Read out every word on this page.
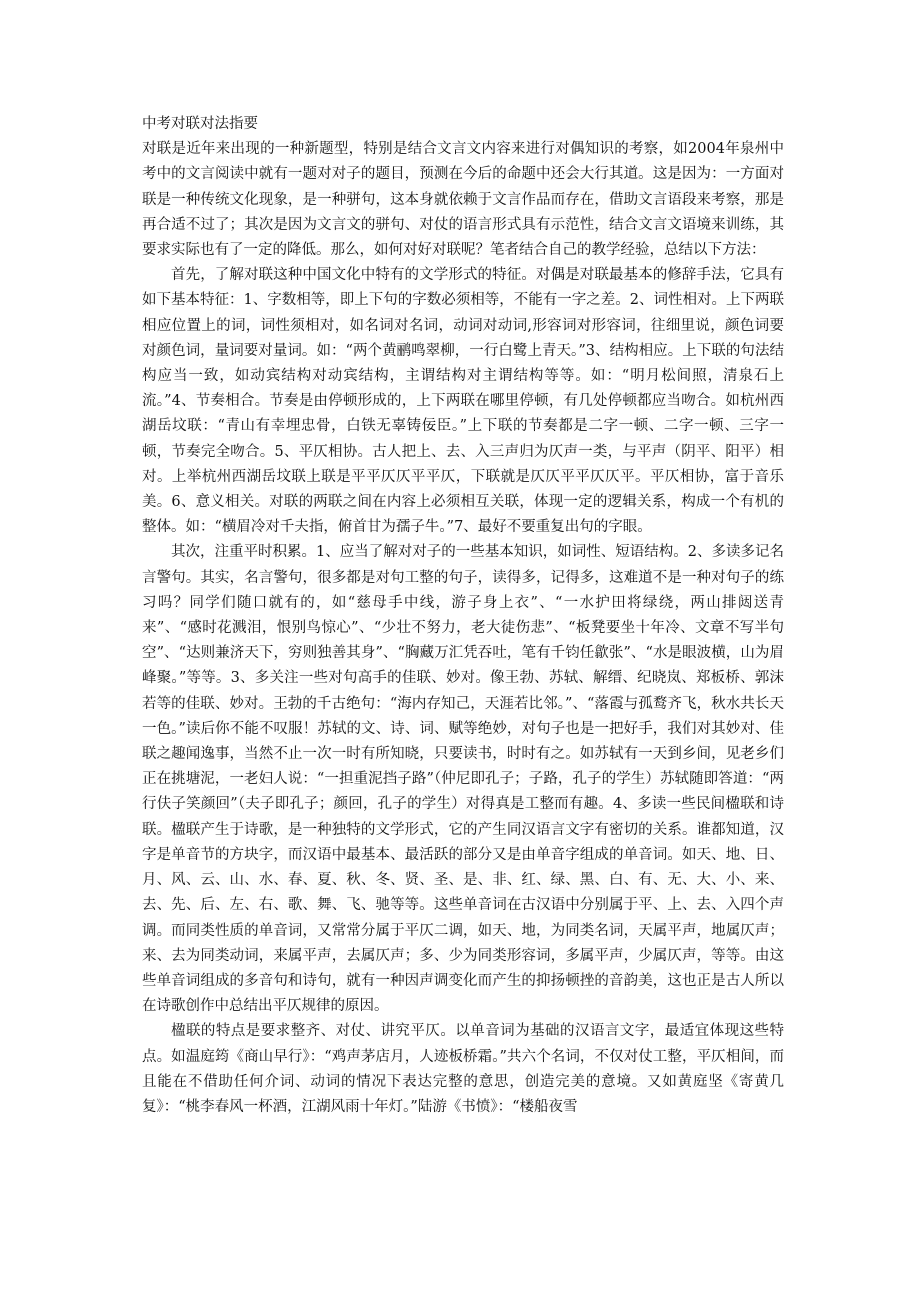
中考对联对法指要

对联是近年来出现的一种新题型，特别是结合文言文内容来进行对偶知识的考察，如2004年泉州中考中的文言阅读中就有一题对对子的题目，预测在今后的命题中还会大行其道。这是因为：一方面对联是一种传统文化现象，是一种骈句，这本身就依赖于文言作品而存在，借助文言语段来考察，那是再合适不过了；其次是因为文言文的骈句、对仗的语言形式具有示范性，结合文言文语境来训练，其要求实际也有了一定的降低。那么，如何对好对联呢？笔者结合自己的教学经验，总结以下方法：

首先，了解对联这种中国文化中特有的文学形式的特征。对偶是对联最基本的修辞手法，它具有如下基本特征：1、字数相等，即上下句的字数必须相等，不能有一字之差。2、词性相对。上下两联相应位置上的词，词性须相对，如名词对名词，动词对动词,形容词对形容词，往细里说，颜色词要对颜色词，量词要对量词。如：“两个黄鹂鸣翠柳，一行白鹭上青天。”3、结构相应。上下联的句法结构应当一致，如动宾结构对动宾结构，主谓结构对主谓结构等等。如：“明月松间照，清泉石上流。”4、节奏相合。节奏是由停顿形成的，上下两联在哪里停顿，有几处停顿都应当吻合。如杭州西湖岳坟联：“青山有幸埋忠骨，白铁无辜铸佞臣。”上下联的节奏都是二字一顿、二字一顿、三字一顿，节奏完全吻合。5、平仄相协。古人把上、去、入三声归为仄声一类，与平声（阴平、阳平）相对。上举杭州西湖岳坟联上联是平平仄仄平平仄，下联就是仄仄平平仄仄平。平仄相协，富于音乐美。6、意义相关。对联的两联之间在内容上必须相互关联，体现一定的逻辑关系，构成一个有机的整体。如：“横眉冷对千夫指，俯首甘为孺子牛。”7、最好不要重复出句的字眼。

其次，注重平时积累。1、应当了解对对子的一些基本知识，如词性、短语结构。2、多读多记名言警句。其实，名言警句，很多都是对句工整的句子，读得多，记得多，这难道不是一种对句子的练习吗？同学们随口就有的，如“慈母手中线，游子身上衣”、“一水护田将绿绕，两山排闼送青来”、“感时花溅泪，恨别鸟惊心”、“少壮不努力，老大徒伤悲”、“板凳要坐十年冷、文章不写半句空”、“达则兼济天下，穷则独善其身”、“胸藏万汇凭吞吐，笔有千钧任歙张”、“水是眼波横，山为眉峰聚。”等等。3、多关注一些对句高手的佳联、妙对。像王勃、苏轼、解缙、纪晓岚、郑板桥、郭沫若等的佳联、妙对。王勃的千古绝句：“海内存知己，天涯若比邻。”、“落霞与孤鹜齐飞，秋水共长天一色。”读后你不能不叹服！苏轼的文、诗、词、赋等绝妙，对句子也是一把好手，我们对其妙对、佳联之趣闻逸事，当然不止一次一时有所知晓，只要读书，时时有之。如苏轼有一天到乡间，见老乡们正在挑塘泥，一老妇人说：“一担重泥挡子路”（仲尼即孔子；子路，孔子的学生）苏轼随即答道：“两行伕子笑颜回”（夫子即孔子；颜回，孔子的学生）对得真是工整而有趣。4、多读一些民间楹联和诗联。楹联产生于诗歌，是一种独特的文学形式，它的产生同汉语言文字有密切的关系。谁都知道，汉字是单音节的方块字，而汉语中最基本、最活跃的部分又是由单音字组成的单音词。如天、地、日、月、风、云、山、水、春、夏、秋、冬、贤、圣、是、非、红、绿、黑、白、有、无、大、小、来、去、先、后、左、右、歌、舞、飞、驰等等。这些单音词在古汉语中分别属于平、上、去、入四个声调。而同类性质的单音词，又常常分属于平仄二调，如天、地，为同类名词，天属平声，地属仄声；来、去为同类动词，来属平声，去属仄声；多、少为同类形容词，多属平声，少属仄声，等等。由这些单音词组成的多音句和诗句，就有一种因声调变化而产生的抑扬顿挫的音韵美，这也正是古人所以在诗歌创作中总结出平仄规律的原因。

楹联的特点是要求整齐、对仗、讲究平仄。以单音词为基础的汉语言文字，最适宜体现这些特点。如温庭筠《商山早行》：“鸡声茅店月，人迹板桥霜。”共六个名词，不仅对仗工整，平仄相间，而且能在不借助任何介词、动词的情况下表达完整的意思，创造完美的意境。又如黄庭坚《寄黄几复》：“桃李春风一杯酒，江湖风雨十年灯。”陆游《书愤》：“楼船夜雪
